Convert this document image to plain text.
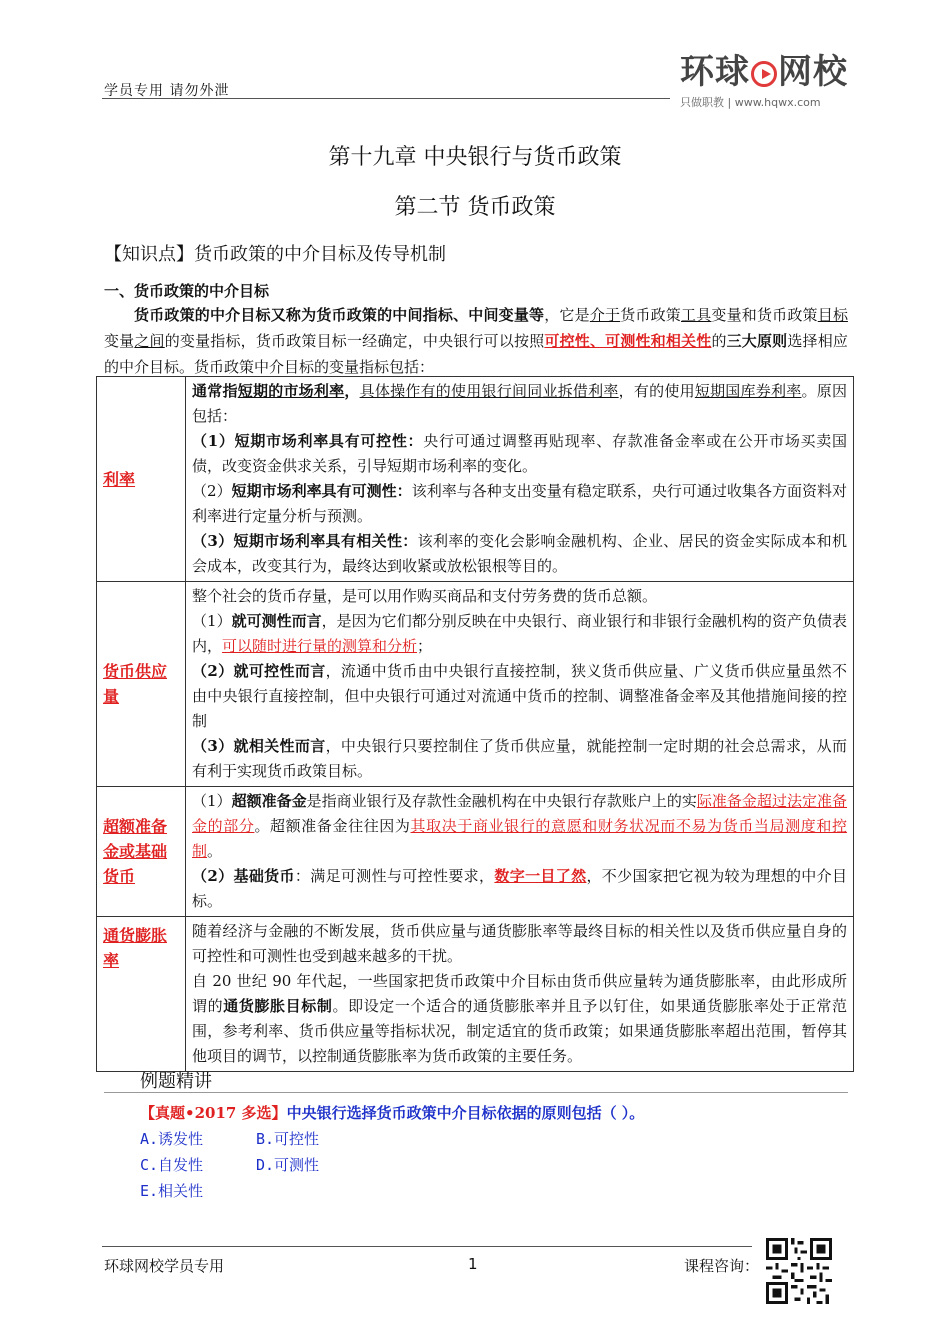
学员专用 请勿外泄	环球 网校
只做职教 | www.hqwx.com
第十九章 中央银行与货币政策
第二节 货币政策
【知识点】货币政策的中介目标及传导机制
一、货币政策的中介目标
货币政策的中介目标又称为货币政策的中间指标、中间变量等，它是介于货币政策工具变量和货币政策目标变量之间的变量指标，货币政策目标一经确定，中央银行可以按照可控性、可测性和相关性的三大原则选择相应的中介目标。货币政策中介目标的变量指标包括：
利率	通常指短期的市场利率，具体操作有的使用银行间同业拆借利率，有的使用短期国库券利率。原因包括：
（1）短期市场利率具有可控性：央行可通过调整再贴现率、存款准备金率或在公开市场买卖国债，改变资金供求关系，引导短期市场利率的变化。
（2）短期市场利率具有可测性：该利率与各种支出变量有稳定联系，央行可通过收集各方面资料对利率进行定量分析与预测。
（3）短期市场利率具有相关性：该利率的变化会影响金融机构、企业、居民的资金实际成本和机会成本，改变其行为，最终达到收紧或放松银根等目的。

货币供应量	整个社会的货币存量，是可以用作购买商品和支付劳务费的货币总额。
（1）就可测性而言，是因为它们都分别反映在中央银行、商业银行和非银行金融机构的资产负债表内，可以随时进行量的测算和分析；
（2）就可控性而言，流通中货币由中央银行直接控制，狭义货币供应量、广义货币供应量虽然不由中央银行直接控制，但中央银行可通过对流通中货币的控制、调整准备金率及其他措施间接的控制
（3）就相关性而言，中央银行只要控制住了货币供应量，就能控制一定时期的社会总需求，从而有利于实现货币政策目标。

超额准备金或基础货币	（1）超额准备金是指商业银行及存款性金融机构在中央银行存款账户上的实际准备金超过法定准备金的部分。超额准备金往往因为其取决于商业银行的意愿和财务状况而不易为货币当局测度和控制。
（2）基础货币：满足可测性与可控性要求，数字一目了然，不少国家把它视为较为理想的中介目标。

通货膨胀率	随着经济与金融的不断发展，货币供应量与通货膨胀率等最终目标的相关性以及货币供应量自身的可控性和可测性也受到越来越多的干扰。
自 20 世纪 90 年代起，一些国家把货币政策中介目标由货币供应量转为通货膨胀率，由此形成所谓的通货膨胀目标制。即设定一个适合的通货膨胀率并且予以钉住，如果通货膨胀率处于正常范围，参考利率、货币供应量等指标状况，制定适宜的货币政策；如果通货膨胀率超出范围，暂停其他项目的调节，以控制通货膨胀率为货币政策的主要任务。
例题精讲
【真题•2017 多选】中央银行选择货币政策中介目标依据的原则包括（ ）。
A.诱发性	B.可控性
C.自发性	D.可测性
E.相关性
环球网校学员专用	1	课程咨询：
